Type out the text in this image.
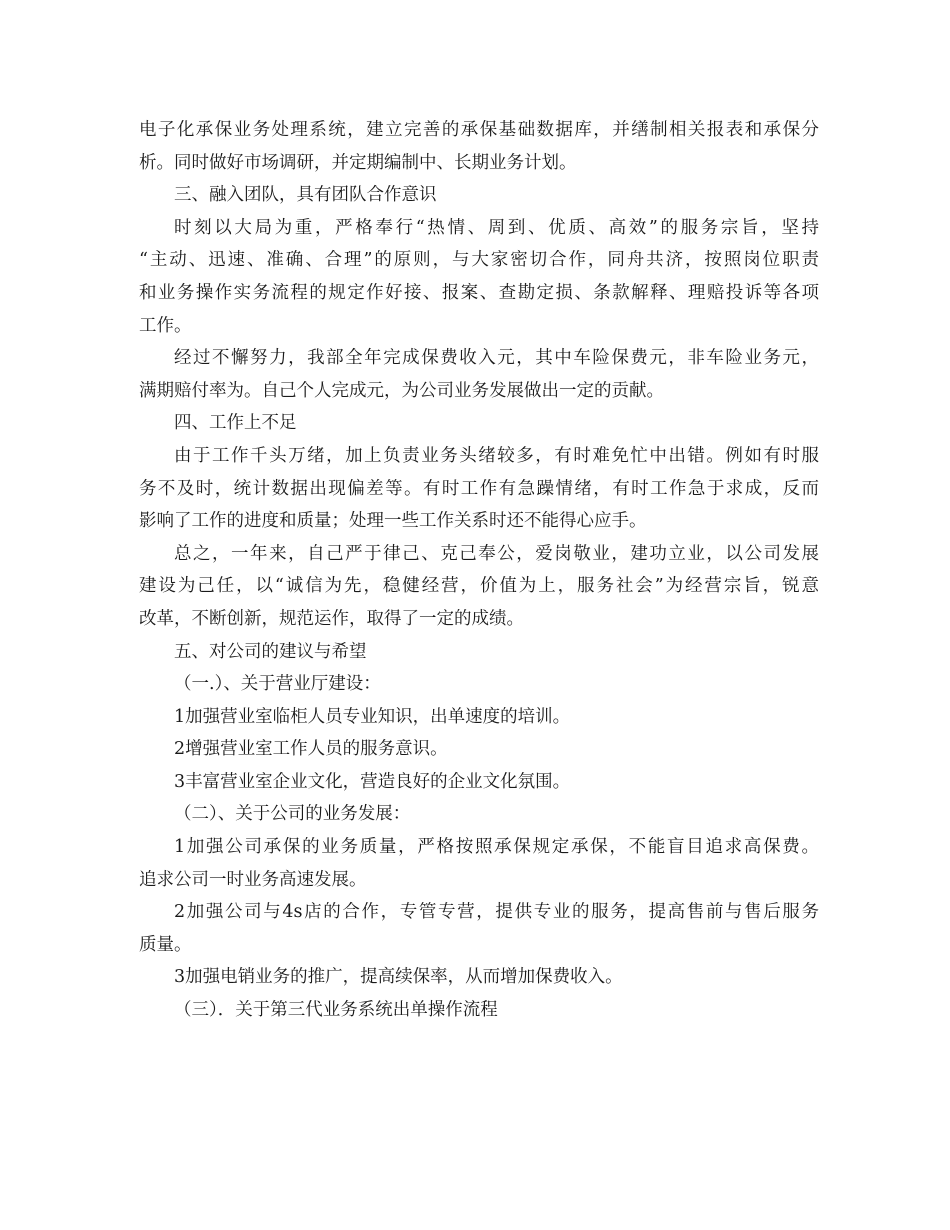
电子化承保业务处理系统，建立完善的承保基础数据库，并缮制相关报表和承保分
析。同时做好市场调研，并定期编制中、长期业务计划。
三、融入团队，具有团队合作意识
时刻以大局为重，严格奉行“热情、周到、优质、高效”的服务宗旨，坚持
“主动、迅速、准确、合理”的原则，与大家密切合作，同舟共济，按照岗位职责
和业务操作实务流程的规定作好接、报案、查勘定损、条款解释、理赔投诉等各项
工作。
经过不懈努力，我部全年完成保费收入元，其中车险保费元，非车险业务元，
满期赔付率为。自己个人完成元，为公司业务发展做出一定的贡献。
四、工作上不足
由于工作千头万绪，加上负责业务头绪较多，有时难免忙中出错。例如有时服
务不及时，统计数据出现偏差等。有时工作有急躁情绪，有时工作急于求成，反而
影响了工作的进度和质量；处理一些工作关系时还不能得心应手。
总之，一年来，自己严于律己、克己奉公，爱岗敬业，建功立业，以公司发展
建设为己任，以“诚信为先，稳健经营，价值为上，服务社会”为经营宗旨，锐意
改革，不断创新，规范运作，取得了一定的成绩。
五、对公司的建议与希望
（一.）、关于营业厅建设：
1加强营业室临柜人员专业知识，出单速度的培训。
2增强营业室工作人员的服务意识。
3丰富营业室企业文化，营造良好的企业文化氛围。
（二）、关于公司的业务发展：
1加强公司承保的业务质量，严格按照承保规定承保，不能盲目追求高保费。
追求公司一时业务高速发展。
2加强公司与4s店的合作，专管专营，提供专业的服务，提高售前与售后服务
质量。
3加强电销业务的推广，提高续保率，从而增加保费收入。
（三）．关于第三代业务系统出单操作流程
